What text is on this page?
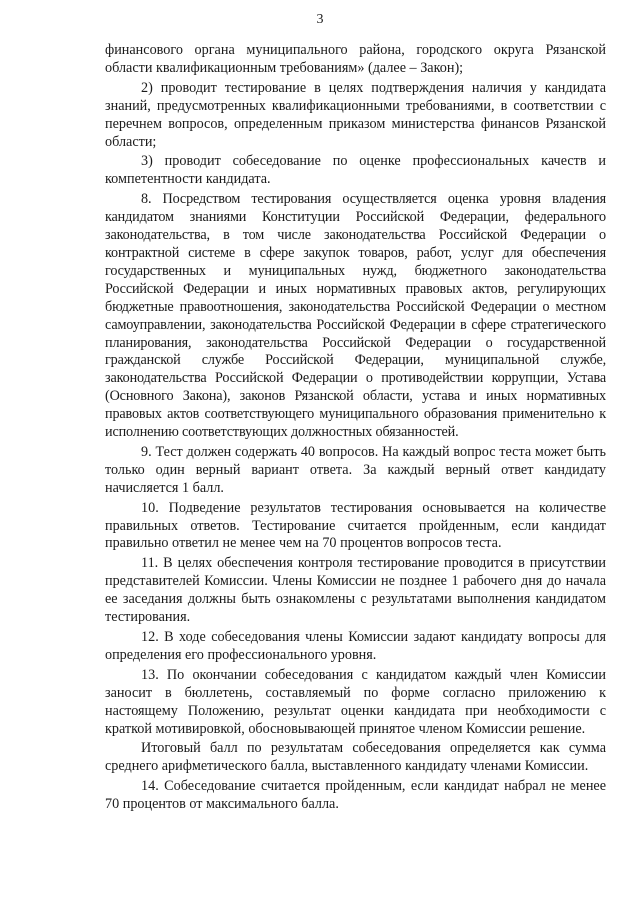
3

финансового органа муниципального района, городского округа Рязанской области квалификационным требованиям» (далее – Закон);

2) проводит тестирование в целях подтверждения наличия у кандидата знаний, предусмотренных квалификационными требованиями, в соответствии с перечнем вопросов, определенным приказом министерства финансов Рязанской области;

3) проводит собеседование по оценке профессиональных качеств и компетентности кандидата.

8. Посредством тестирования осуществляется оценка уровня владения кандидатом знаниями Конституции Российской Федерации, федерального законодательства, в том числе законодательства Российской Федерации о контрактной системе в сфере закупок товаров, работ, услуг для обеспечения государственных и муниципальных нужд, бюджетного законодательства Российской Федерации и иных нормативных правовых актов, регулирующих бюджетные правоотношения, законодательства Российской Федерации о местном самоуправлении, законодательства Российской Федерации в сфере стратегического планирования, законодательства Российской Федерации о государственной гражданской службе Российской Федерации, муниципальной службе, законодательства Российской Федерации о противодействии коррупции, Устава (Основного Закона), законов Рязанской области, устава и иных нормативных правовых актов соответствующего муниципального образования применительно к исполнению соответствующих должностных обязанностей.

9. Тест должен содержать 40 вопросов. На каждый вопрос теста может быть только один верный вариант ответа. За каждый верный ответ кандидату начисляется 1 балл.

10. Подведение результатов тестирования основывается на количестве правильных ответов. Тестирование считается пройденным, если кандидат правильно ответил не менее чем на 70 процентов вопросов теста.

11. В целях обеспечения контроля тестирование проводится в присутствии представителей Комиссии. Члены Комиссии не позднее 1 рабочего дня до начала ее заседания должны быть ознакомлены с результатами выполнения кандидатом тестирования.

12. В ходе собеседования члены Комиссии задают кандидату вопросы для определения его профессионального уровня.

13. По окончании собеседования с кандидатом каждый член Комиссии заносит в бюллетень, составляемый по форме согласно приложению к настоящему Положению, результат оценки кандидата при необходимости с краткой мотивировкой, обосновывающей принятое членом Комиссии решение.

Итоговый балл по результатам собеседования определяется как сумма среднего арифметического балла, выставленного кандидату членами Комиссии.

14. Собеседование считается пройденным, если кандидат набрал не менее 70 процентов от максимального балла.
